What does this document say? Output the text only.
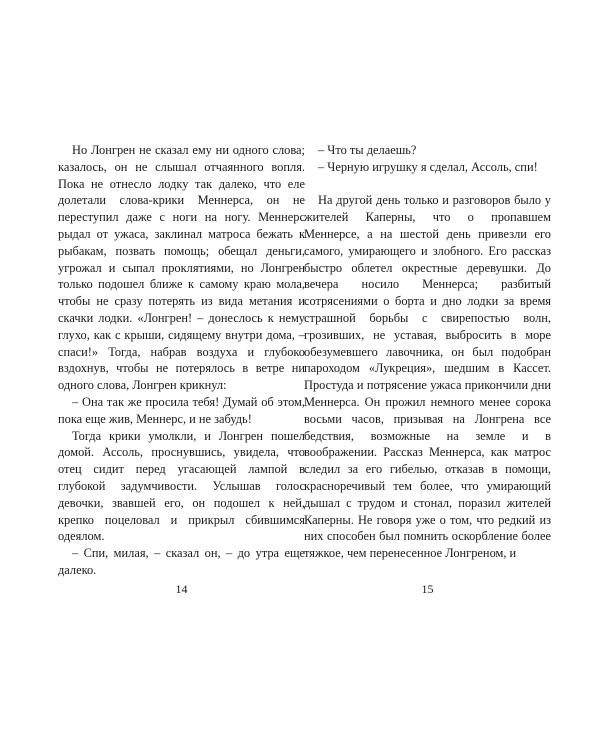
Но Лонгрен не сказал ему ни одного слова; казалось, он не слышал отчаянного вопля. Пока не отнесло лодку так далеко, что еле долетали слова-крики Меннерса, он не переступил даже с ноги на ногу. Меннерс рыдал от ужаса, заклинал матроса бежать к рыбакам, позвать помощь; обещал деньги, угрожал и сыпал проклятиями, но Лонгрен только подошел ближе к самому краю мола, чтобы не сразу потерять из вида метания и скачки лодки. «Лонгрен! – донеслось к нему глухо, как с крыши, сидящему внутри дома, – спаси!» Тогда, набрав воздуха и глубоко вздохнув, чтобы не потерялось в ветре ни одного слова, Лонгрен крикнул:

– Она так же просила тебя! Думай об этом, пока еще жив, Меннерс, и не забудь!

Тогда крики умолкли, и Лонгрен пошел домой. Ассоль, проснувшись, увидела, что отец сидит перед угасающей лампой в глубокой задумчивости. Услышав голос девочки, звавшей его, он подошел к ней, крепко поцеловал и прикрыл сбившимся одеялом.

– Спи, милая, – сказал он, – до утра еще далеко.

14

– Что ты делаешь?

– Черную игрушку я сделал, Ассоль, спи!

На другой день только и разговоров было у жителей Каперны, что о пропавшем Меннерсе, а на шестой день привезли его самого, умирающего и злобного. Его рассказ быстро облетел окрестные деревушки. До вечера носило Меннерса; разбитый сотрясениями о борта и дно лодки за время страшной борьбы с свирепостью волн, грозивших, не уставая, выбросить в море обезумевшего лавочника, он был подобран пароходом «Лукреция», шедшим в Кассет. Простуда и потрясение ужаса прикончили дни Меннерса. Он прожил немного менее сорока восьми часов, призывая на Лонгрена все бедствия, возможные на земле и в воображении. Рассказ Меннерса, как матрос следил за его гибелью, отказав в помощи, красноречивый тем более, что умирающий дышал с трудом и стонал, поразил жителей Каперны. Не говоря уже о том, что редкий из них способен был помнить оскорбление более тяжкое, чем перенесенное Лонгреном, и

15
